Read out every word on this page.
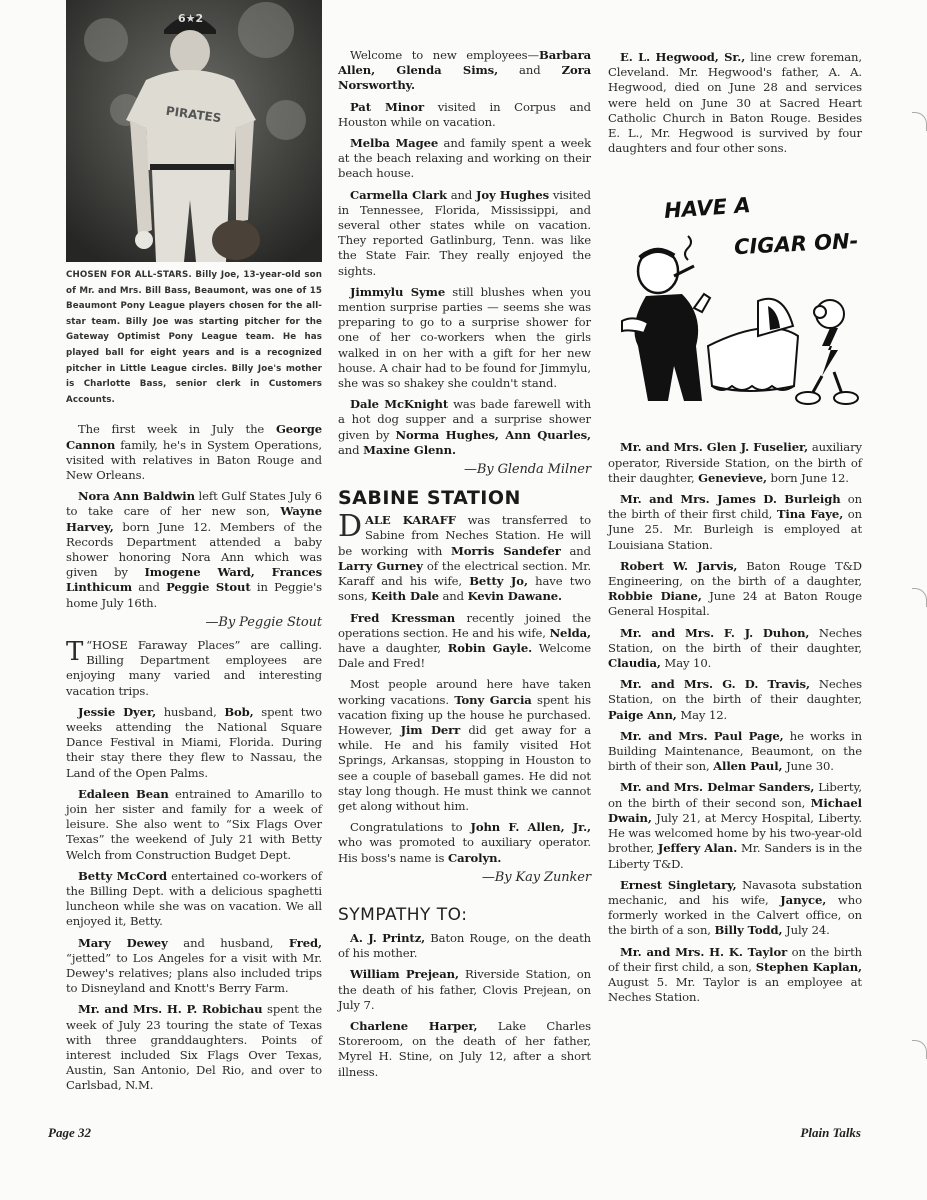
6★2
PIRATES
CHOSEN FOR ALL-STARS. Billy Joe, 13-year-old son of Mr. and Mrs. Bill Bass, Beaumont, was one of 15 Beaumont Pony League players chosen for the all-star team. Billy Joe was starting pitcher for the Gateway Optimist Pony League team. He has played ball for eight years and is a recognized pitcher in Little League circles. Billy Joe's mother is Charlotte Bass, senior clerk in Customers Accounts.

The first week in July the George Cannon family, he's in System Operations, visited with relatives in Baton Rouge and New Orleans.

Nora Ann Baldwin left Gulf States July 6 to take care of her new son, Wayne Harvey, born June 12. Members of the Records Department attended a baby shower honoring Nora Ann which was given by Imogene Ward, Frances Linthicum and Peggie Stout in Peggie's home July 16th.

—By Peggie Stout

“
T HOSE Faraway Places” are calling. Billing Department employees are enjoying many varied and interesting vacation trips.

Jessie Dyer, husband, Bob, spent two weeks attending the National Square Dance Festival in Miami, Florida. During their stay there they flew to Nassau, the Land of the Open Palms.

Edaleen Bean entrained to Amarillo to join her sister and family for a week of leisure. She also went to “Six Flags Over Texas” the weekend of July 21 with Betty Welch from Construction Budget Dept.

Betty McCord entertained co-workers of the Billing Dept. with a delicious spaghetti luncheon while she was on vacation. We all enjoyed it, Betty.

Mary Dewey and husband, Fred, “jetted” to Los Angeles for a visit with Mr. Dewey's relatives; plans also included trips to Disneyland and Knott's Berry Farm.

Mr. and Mrs. H. P. Robichau spent the week of July 23 touring the state of Texas with three granddaughters. Points of interest included Six Flags Over Texas, Austin, San Antonio, Del Rio, and over to Carlsbad, N.M.

Welcome to new employees—Barbara Allen, Glenda Sims, and Zora Norsworthy.

Pat Minor visited in Corpus and Houston while on vacation.

Melba Magee and family spent a week at the beach relaxing and working on their beach house.

Carmella Clark and Joy Hughes visited in Tennessee, Florida, Mississippi, and several other states while on vacation. They reported Gatlinburg, Tenn. was like the State Fair. They really enjoyed the sights.

Jimmylu Syme still blushes when you mention surprise parties — seems she was preparing to go to a surprise shower for one of her co-workers when the girls walked in on her with a gift for her new house. A chair had to be found for Jimmylu, she was so shakey she couldn't stand.

Dale McKnight was bade farewell with a hot dog supper and a surprise shower given by Norma Hughes, Ann Quarles, and Maxine Glenn.

—By Glenda Milner

SABINE STATION

DALE KARAFF was transferred to Sabine from Neches Station. He will be working with Morris Sandefer and Larry Gurney of the electrical section. Mr. Karaff and his wife, Betty Jo, have two sons, Keith Dale and Kevin Dawane.

Fred Kressman recently joined the operations section. He and his wife, Nelda, have a daughter, Robin Gayle. Welcome Dale and Fred!

Most people around here have taken working vacations. Tony Garcia spent his vacation fixing up the house he purchased. However, Jim Derr did get away for a while. He and his family visited Hot Springs, Arkansas, stopping in Houston to see a couple of baseball games. He did not stay long though. He must think we cannot get along without him.

Congratulations to John F. Allen, Jr., who was promoted to auxiliary operator. His boss's name is Carolyn.

—By Kay Zunker

SYMPATHY TO:

A. J. Printz, Baton Rouge, on the death of his mother.

William Prejean, Riverside Station, on the death of his father, Clovis Prejean, on July 7.

Charlene Harper, Lake Charles Storeroom, on the death of her father, Myrel H. Stine, on July 12, after a short illness.

E. L. Hegwood, Sr., line crew foreman, Cleveland. Mr. Hegwood's father, A. A. Hegwood, died on June 28 and services were held on June 30 at Sacred Heart Catholic Church in Baton Rouge. Besides E. L., Mr. Hegwood is survived by four daughters and four other sons.

HAVE A
CIGAR ON-

Mr. and Mrs. Glen J. Fuselier, auxiliary operator, Riverside Station, on the birth of their daughter, Genevieve, born June 12.

Mr. and Mrs. James D. Burleigh on the birth of their first child, Tina Faye, on June 25. Mr. Burleigh is employed at Louisiana Station.

Robert W. Jarvis, Baton Rouge T&D Engineering, on the birth of a daughter, Robbie Diane, June 24 at Baton Rouge General Hospital.

Mr. and Mrs. F. J. Duhon, Neches Station, on the birth of their daughter, Claudia, May 10.

Mr. and Mrs. G. D. Travis, Neches Station, on the birth of their daughter, Paige Ann, May 12.

Mr. and Mrs. Paul Page, he works in Building Maintenance, Beaumont, on the birth of their son, Allen Paul, June 30.

Mr. and Mrs. Delmar Sanders, Liberty, on the birth of their second son, Michael Dwain, July 21, at Mercy Hospital, Liberty. He was welcomed home by his two-year-old brother, Jeffery Alan. Mr. Sanders is in the Liberty T&D.

Ernest Singletary, Navasota substation mechanic, and his wife, Janyce, who formerly worked in the Calvert office, on the birth of a son, Billy Todd, July 24.

Mr. and Mrs. H. K. Taylor on the birth of their first child, a son, Stephen Kaplan, August 5. Mr. Taylor is an employee at Neches Station.

Page 32	Plain Talks
